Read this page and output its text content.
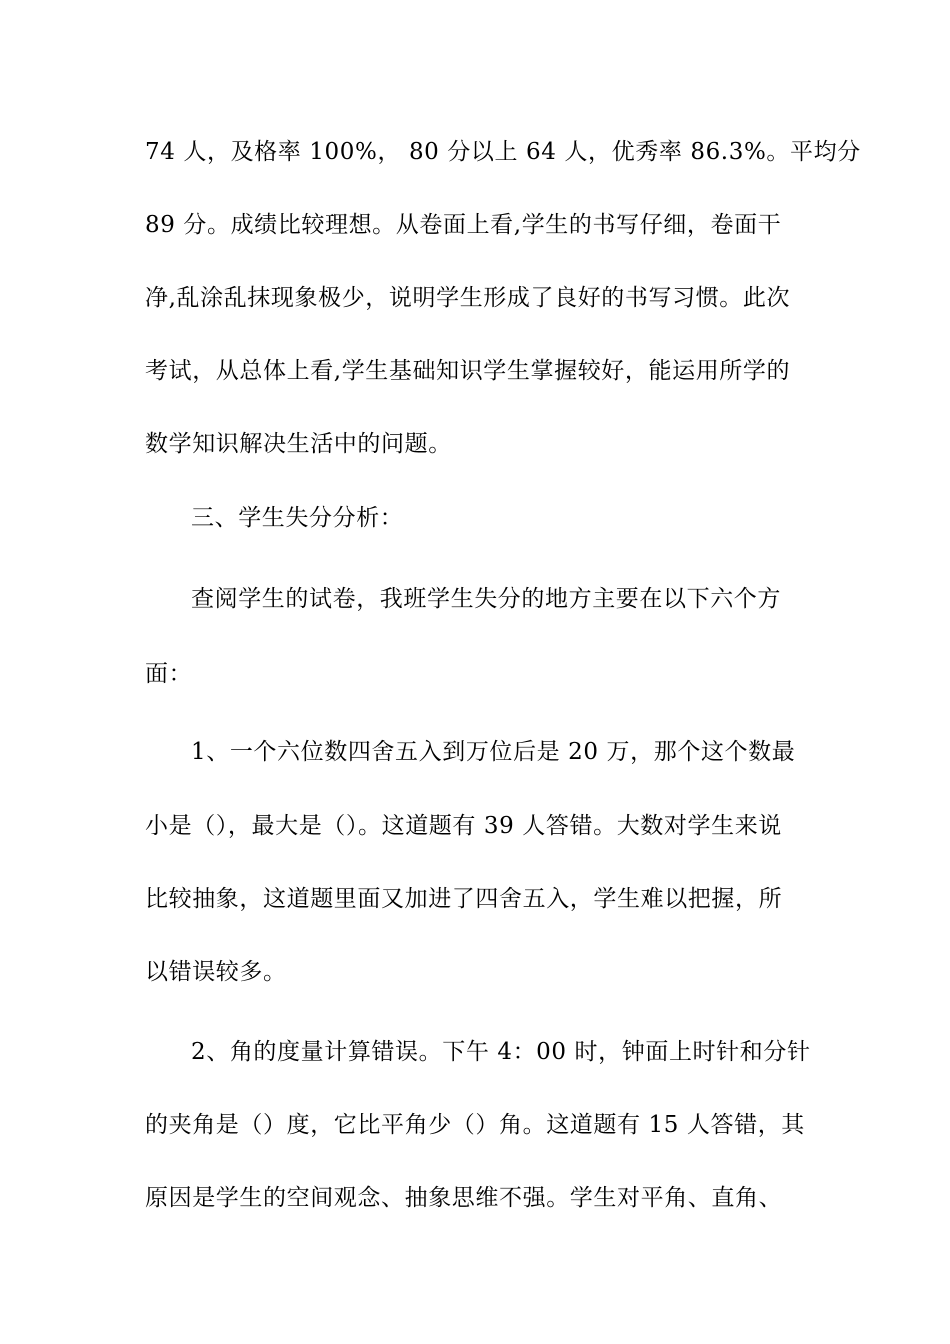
74 人，及格率 100%， 80 分以上 64 人，优秀率 86.3%。平均分
89 分。成绩比较理想。从卷面上看,学生的书写仔细，卷面干
净,乱涂乱抹现象极少，说明学生形成了良好的书写习惯。此次
考试，从总体上看,学生基础知识学生掌握较好，能运用所学的
数学知识解决生活中的问题。
三、学生失分分析：
查阅学生的试卷，我班学生失分的地方主要在以下六个方
面：
1、一个六位数四舍五入到万位后是 20 万，那个这个数最
小是（），最大是（）。这道题有 39 人答错。大数对学生来说
比较抽象，这道题里面又加进了四舍五入，学生难以把握，所
以错误较多。
2、角的度量计算错误。下午 4：00 时，钟面上时针和分针
的夹角是（）度，它比平角少（）角。这道题有 15 人答错，其
原因是学生的空间观念、抽象思维不强。学生对平角、直角、
